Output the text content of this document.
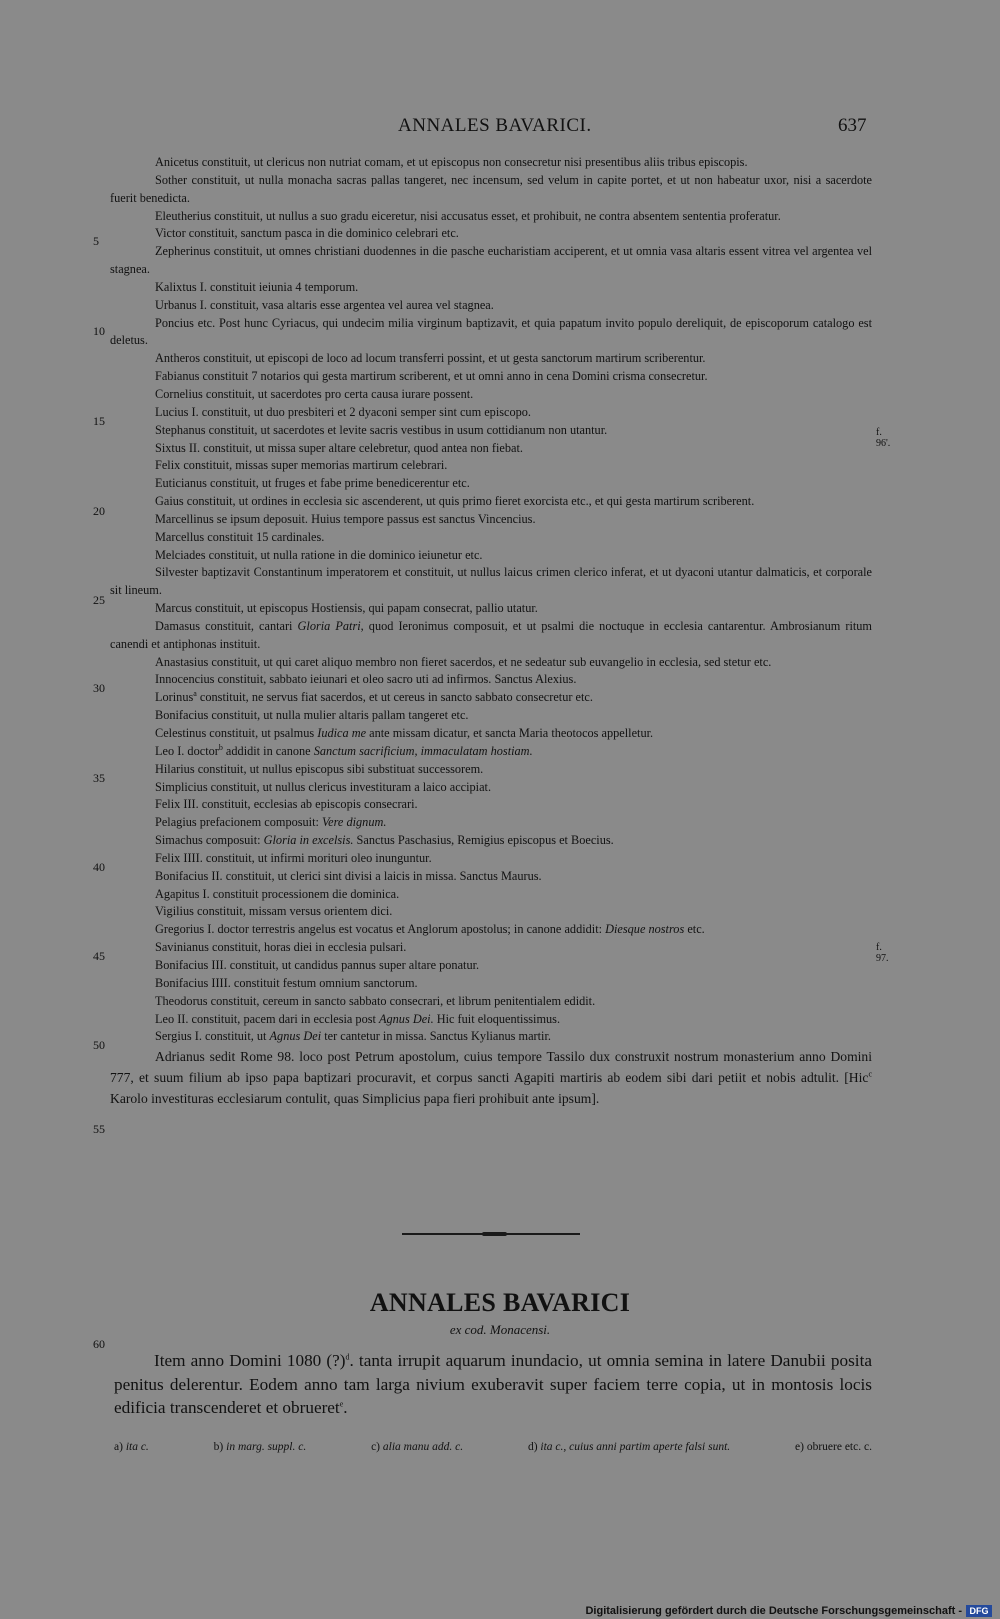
ANNALES BAVARICI.	637
Anicetus constituit, ut clericus non nutriat comam, et ut episcopus non consecretur nisi presentibus aliis tribus episcopis.
Sother constituit, ut nulla monacha sacras pallas tangeret, nec incensum, sed velum in capite portet, et ut non habeatur uxor, nisi a sacerdote fuerit benedicta.
Eleutherius constituit, ut nullus a suo gradu eiceretur, nisi accusatus esset, et prohibuit, ne contra absentem sententia proferatur.
Victor constituit, sanctum pasca in die dominico celebrari etc.
Zepherinus constituit, ut omnes christiani duodennes in die pasche eucharistiam acciperent, et ut omnia vasa altaris essent vitrea vel argentea vel stagnea.
Kalixtus I. constituit ieiunia 4 temporum.
Urbanus I. constituit, vasa altaris esse argentea vel aurea vel stagnea.
Poncius etc. Post hunc Cyriacus, qui undecim milia virginum baptizavit, et quia papatum invito populo dereliquit, de episcoporum catalogo est deletus.
Antheros constituit, ut episcopi de loco ad locum transferri possint, et ut gesta sanctorum martirum scriberentur.
Fabianus constituit 7 notarios qui gesta martirum scriberent, et ut omni anno in cena Domini crisma consecretur.
Cornelius constituit, ut sacerdotes pro certa causa iurare possent.
Lucius I. constituit, ut duo presbiteri et 2 dyaconi semper sint cum episcopo.
Stephanus constituit, ut sacerdotes et levite sacris vestibus in usum cottidianum non utantur.
Sixtus II. constituit, ut missa super altare celebretur, quod antea non fiebat.
Felix constituit, missas super memorias martirum celebrari.
Euticianus constituit, ut fruges et fabe prime benedicerentur etc.
Gaius constituit, ut ordines in ecclesia sic ascenderent, ut quis primo fieret exorcista etc., et qui gesta martirum scriberent.
Marcellinus se ipsum deposuit. Huius tempore passus est sanctus Vincencius.
Marcellus constituit 15 cardinales.
Melciades constituit, ut nulla ratione in die dominico ieiunetur etc.
Silvester baptizavit Constantinum imperatorem et constituit, ut nullus laicus crimen clerico inferat, et ut dyaconi utantur dalmaticis, et corporale sit lineum.
Marcus constituit, ut episcopus Hostiensis, qui papam consecrat, pallio utatur.
Damasus constituit, cantari Gloria Patri, quod Ieronimus composuit, et ut psalmi die noctuque in ecclesia cantarentur. Ambrosianum ritum canendi et antiphonas instituit.
Anastasius constituit, ut qui caret aliquo membro non fieret sacerdos, et ne sedeatur sub euvangelio in ecclesia, sed stetur etc.
Innocencius constituit, sabbato ieiunari et oleo sacro uti ad infirmos. Sanctus Alexius.
Lorinus$^a$ constituit, ne servus fiat sacerdos, et ut cereus in sancto sabbato consecretur etc.
Bonifacius constituit, ut nulla mulier altaris pallam tangeret etc.
Celestinus constituit, ut psalmus Iudica me ante missam dicatur, et sancta Maria theotocos appelletur.
Leo I. doctor$^b$ addidit in canone Sanctum sacrificium, immaculatam hostiam.
Hilarius constituit, ut nullus episcopus sibi substituat successorem.
Simplicius constituit, ut nullus clericus investituram a laico accipiat.
Felix III. constituit, ecclesias ab episcopis consecrari.
Pelagius prefacionem composuit: Vere dignum.
Simachus composuit: Gloria in excelsis. Sanctus Paschasius, Remigius episcopus et Boecius.
Felix IIII. constituit, ut infirmi morituri oleo inunguntur.
Bonifacius II. constituit, ut clerici sint divisi a laicis in missa. Sanctus Maurus.
Agapitus I. constituit processionem die dominica.
Vigilius constituit, missam versus orientem dici.
Gregorius I. doctor terrestris angelus est vocatus et Anglorum apostolus; in canone addidit: Diesque nostros etc.
Savinianus constituit, horas diei in ecclesia pulsari.
Bonifacius III. constituit, ut candidus pannus super altare ponatur.
Bonifacius IIII. constituit festum omnium sanctorum.
Theodorus constituit, cereum in sancto sabbato consecrari, et librum penitentialem edidit.
Leo II. constituit, pacem dari in ecclesia post Agnus Dei. Hic fuit eloquentissimus.
Sergius I. constituit, ut Agnus Dei ter cantetur in missa. Sanctus Kylianus martir.
Adrianus sedit Rome 98. loco post Petrum apostolum, cuius tempore Tassilo dux construxit nostrum monasterium anno Domini 777, et suum filium ab ipso papa baptizari procuravit, et corpus sancti Agapiti martiris ab eodem sibi dari petiit et nobis adtulit. [Hic$^c$ Karolo investituras ecclesiarum contulit, quas Simplicius papa fieri prohibuit ante ipsum].
5
10
15
20
25
30
35
40
45
50
55
f. 96'.
f. 97.
ANNALES BAVARICI
ex cod. Monacensi.
60
Item anno Domini 1080 (?)$^d$. tanta irrupit aquarum inundacio, ut omnia semina in latere Danubii posita penitus delerentur. Eodem anno tam larga nivium exuberavit super faciem terre copia, ut in montosis locis edificia transcenderet et obrueret$^e$.
a) ita c.	b) in marg. suppl. c.	c) alia manu add. c.	d) ita c., cuius anni partim aperte falsi sunt.	e) obruere etc. c.
Digitalisierung gefördert durch die Deutsche Forschungsgemeinschaft - DFG
